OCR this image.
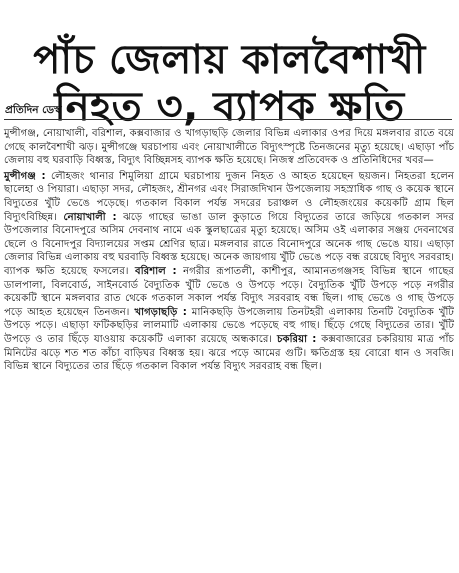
পাঁচ জেলায় কালবৈশাখী
নিহত ৩, ব্যাপক ক্ষতি
প্রতিদিন ডেস্ক

মুন্সীগঞ্জ, নোয়াখালী, বরিশাল, কক্সবাজার ও খাগড়াছড়ি জেলার বিভিন্ন এলাকার ওপর দিয়ে মঙ্গলবার রাতে বয়ে গেছে কালবৈশাখী ঝড়। মুন্সীগঞ্জে ঘরচাপায় এবং নোয়াখালীতে বিদ্যুৎস্পৃষ্টে তিনজনের মৃত্যু হয়েছে। এছাড়া পাঁচ জেলায় বহু ঘরবাড়ি বিধ্বস্ত, বিদ্যুৎ বিচ্ছিন্নসহ ব্যাপক ক্ষতি হয়েছে। নিজস্ব প্রতিবেদক ও প্রতিনিধিদের খবর—

মুন্সীগঞ্জ : লৌহজং থানার শিমুলিয়া গ্রামে ঘরচাপায় দুজন নিহত ও আহত হয়েছেন ছয়জন। নিহতরা হলেন ছালেহা ও পিয়ারা। এছাড়া সদর, লৌহজং, শ্রীনগর এবং সিরাজদিখান উপজেলায় সহস্রাধিক গাছ ও কয়েক স্থানে বিদ্যুতের খুঁটি ভেঙে পড়েছে। গতকাল বিকাল পর্যন্ত সদরের চরাঞ্চল ও লৌহজংয়ের কয়েকটি গ্রাম ছিল বিদ্যুৎবিচ্ছিন্ন। নোয়াখালী : ঝড়ে গাছের ভাঙা ডাল কুড়াতে গিয়ে বিদ্যুতের তারে জড়িয়ে গতকাল সদর উপজেলার বিনোদপুরে অসিম দেবনাথ নামে এক স্কুলছাত্রের মৃত্যু হয়েছে। অসিম ওই এলাকার সঞ্জয় দেবনাথের ছেলে ও বিনোদপুর বিদ্যালয়ের সপ্তম শ্রেণির ছাত্র। মঙ্গলবার রাতে বিনোদপুরে অনেক গাছ ভেঙে যায়। এছাড়া জেলার বিভিন্ন এলাকায় বহু ঘরবাড়ি বিধ্বস্ত হয়েছে। অনেক জায়গায় খুঁটি ভেঙে পড়ে বন্ধ রয়েছে বিদ্যুৎ সরবরাহ। ব্যাপক ক্ষতি হয়েছে ফসলের। বরিশাল : নগরীর রূপাতলী, কাশীপুর, আমানতগঞ্জসহ বিভিন্ন স্থানে গাছের ডালপালা, বিলবোর্ড, সাইনবোর্ড বৈদ্যুতিক খুঁটি ভেঙে ও উপড়ে পড়ে। বৈদ্যুতিক খুঁটি উপড়ে পড়ে নগরীর কয়েকটি স্থানে মঙ্গলবার রাত থেকে গতকাল সকাল পর্যন্ত বিদ্যুৎ সরবরাহ বন্ধ ছিল। গাছ ভেঙে ও গাছ উপড়ে পড়ে আহত হয়েছেন তিনজন। খাগড়াছড়ি : মানিকছড়ি উপজেলায় তিনটহরী এলাকায় তিনটি বৈদ্যুতিক খুঁটি উপড়ে পড়ে। এছাড়া ফটিকছড়ির লালমাটি এলাকায় ভেঙে পড়েছে বহু গাছ। ছিঁড়ে গেছে বিদ্যুতের তার। খুঁটি উপড়ে ও তার ছিঁড়ে যাওয়ায় কয়েকটি এলাকা রয়েছে অন্ধকারে। চকরিয়া : কক্সবাজারের চকরিয়ায় মাত্র পাঁচ মিনিটের ঝড়ে শত শত কাঁচা বাড়িঘর বিধ্বস্ত হয়। ঝরে পড়ে আমের গুটি। ক্ষতিগ্রস্ত হয় বোরো ধান ও সবজি। বিভিন্ন স্থানে বিদ্যুতের তার ছিঁড়ে গতকাল বিকাল পর্যন্ত বিদ্যুৎ সরবরাহ বন্ধ ছিল।
